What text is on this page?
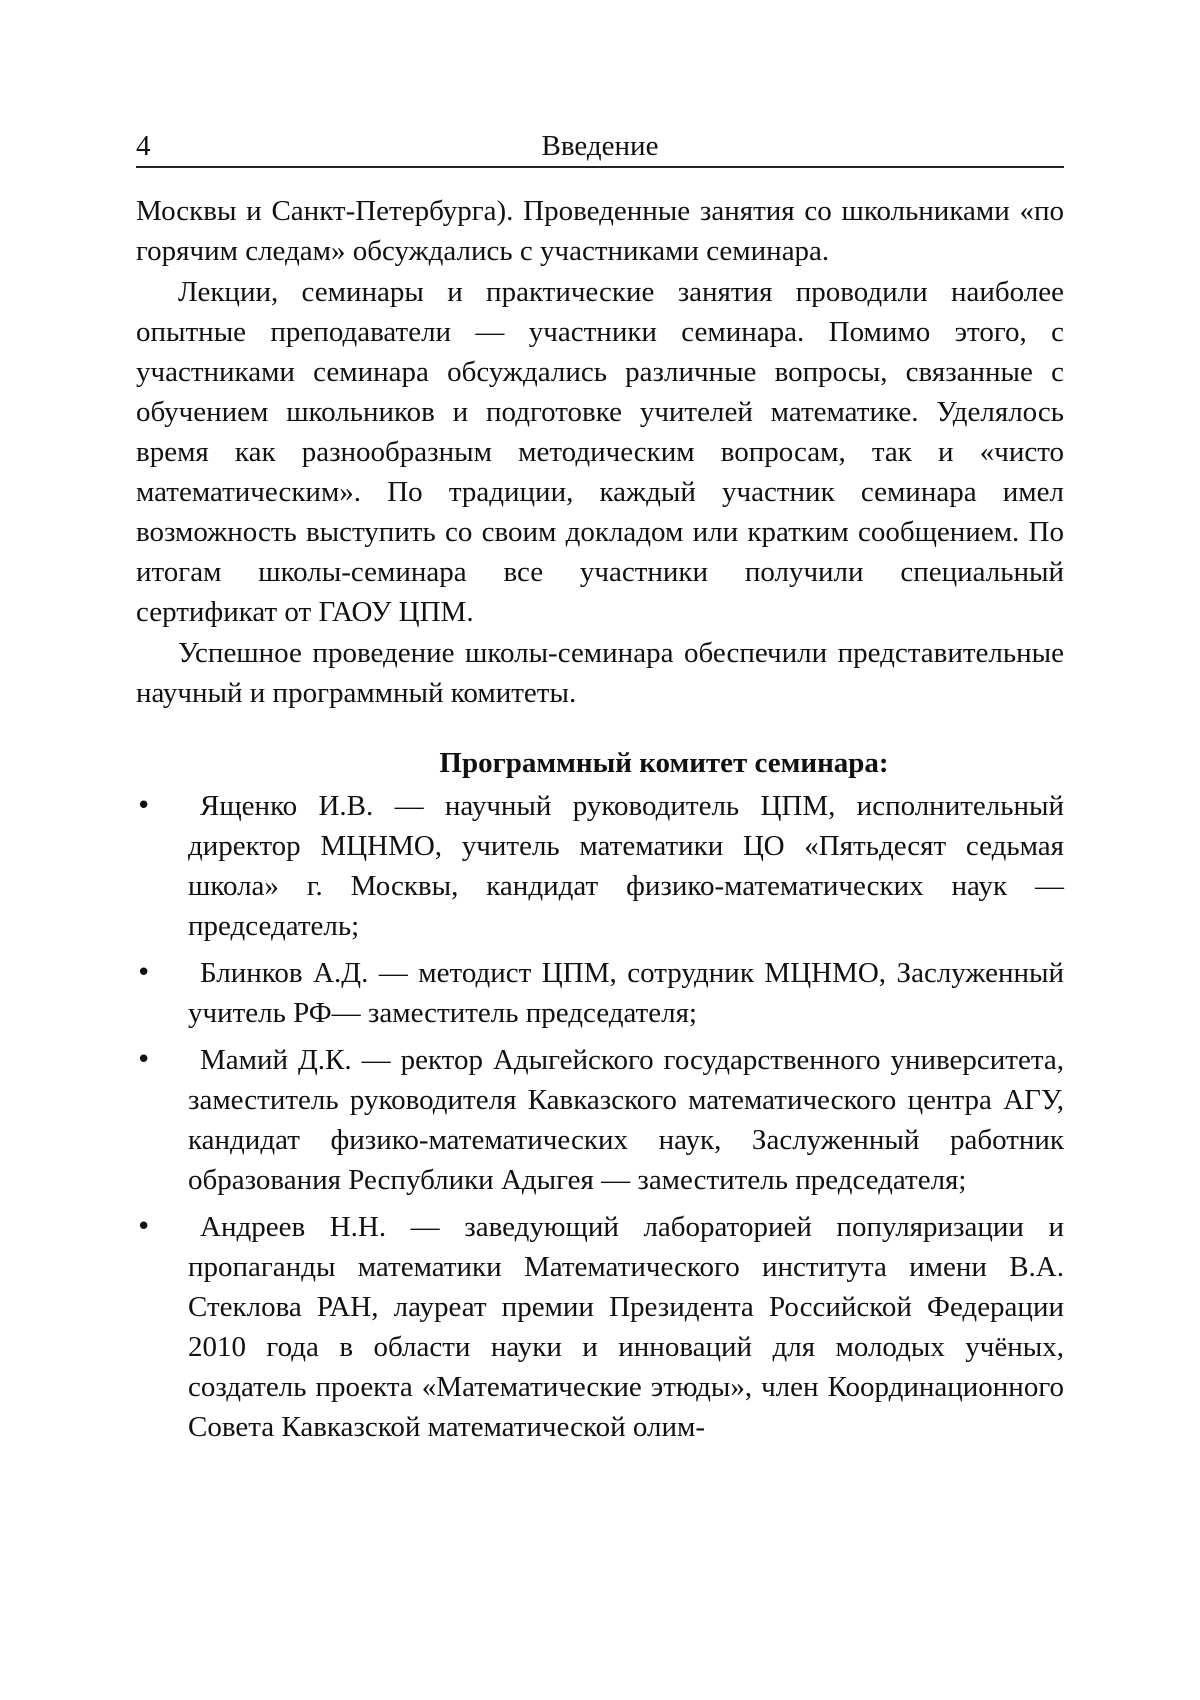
4	Введение

Москвы и Санкт-Петербурга). Проведенные занятия со школьниками «по горячим следам» обсуждались с участниками семинара.

Лекции, семинары и практические занятия проводили наиболее опытные преподаватели — участники семинара. Помимо этого, с участниками семинара обсуждались различные вопросы, связанные с обучением школьников и подготовке учителей математике. Уделялось время как разнообразным методическим вопросам, так и «чисто математическим». По традиции, каждый участник семинара имел возможность выступить со своим докладом или кратким сообщением. По итогам школы-семинара все участники получили специальный сертификат от ГАОУ ЦПМ.

Успешное проведение школы-семинара обеспечили представительные научный и программный комитеты.

Программный комитет семинара:
•	Ященко И.В. — научный руководитель ЦПМ, исполнительный директор МЦНМО, учитель математики ЦО «Пятьдесят седьмая школа» г. Москвы, кандидат физико-математических наук — председатель;
•	Блинков А.Д. — методист ЦПМ, сотрудник МЦНМО, Заслуженный учитель РФ— заместитель председателя;
•	Мамий Д.К. — ректор Адыгейского государственного университета, заместитель руководителя Кавказского математического центра АГУ, кандидат физико-математических наук, Заслуженный работник образования Республики Адыгея — заместитель председателя;
•	Андреев Н.Н. — заведующий лабораторией популяризации и пропаганды математики Математического института имени В.А. Стеклова РАН, лауреат премии Президента Российской Федерации 2010 года в области науки и инноваций для молодых учёных, создатель проекта «Математические этюды», член Координационного Совета Кавказской математической олим-
